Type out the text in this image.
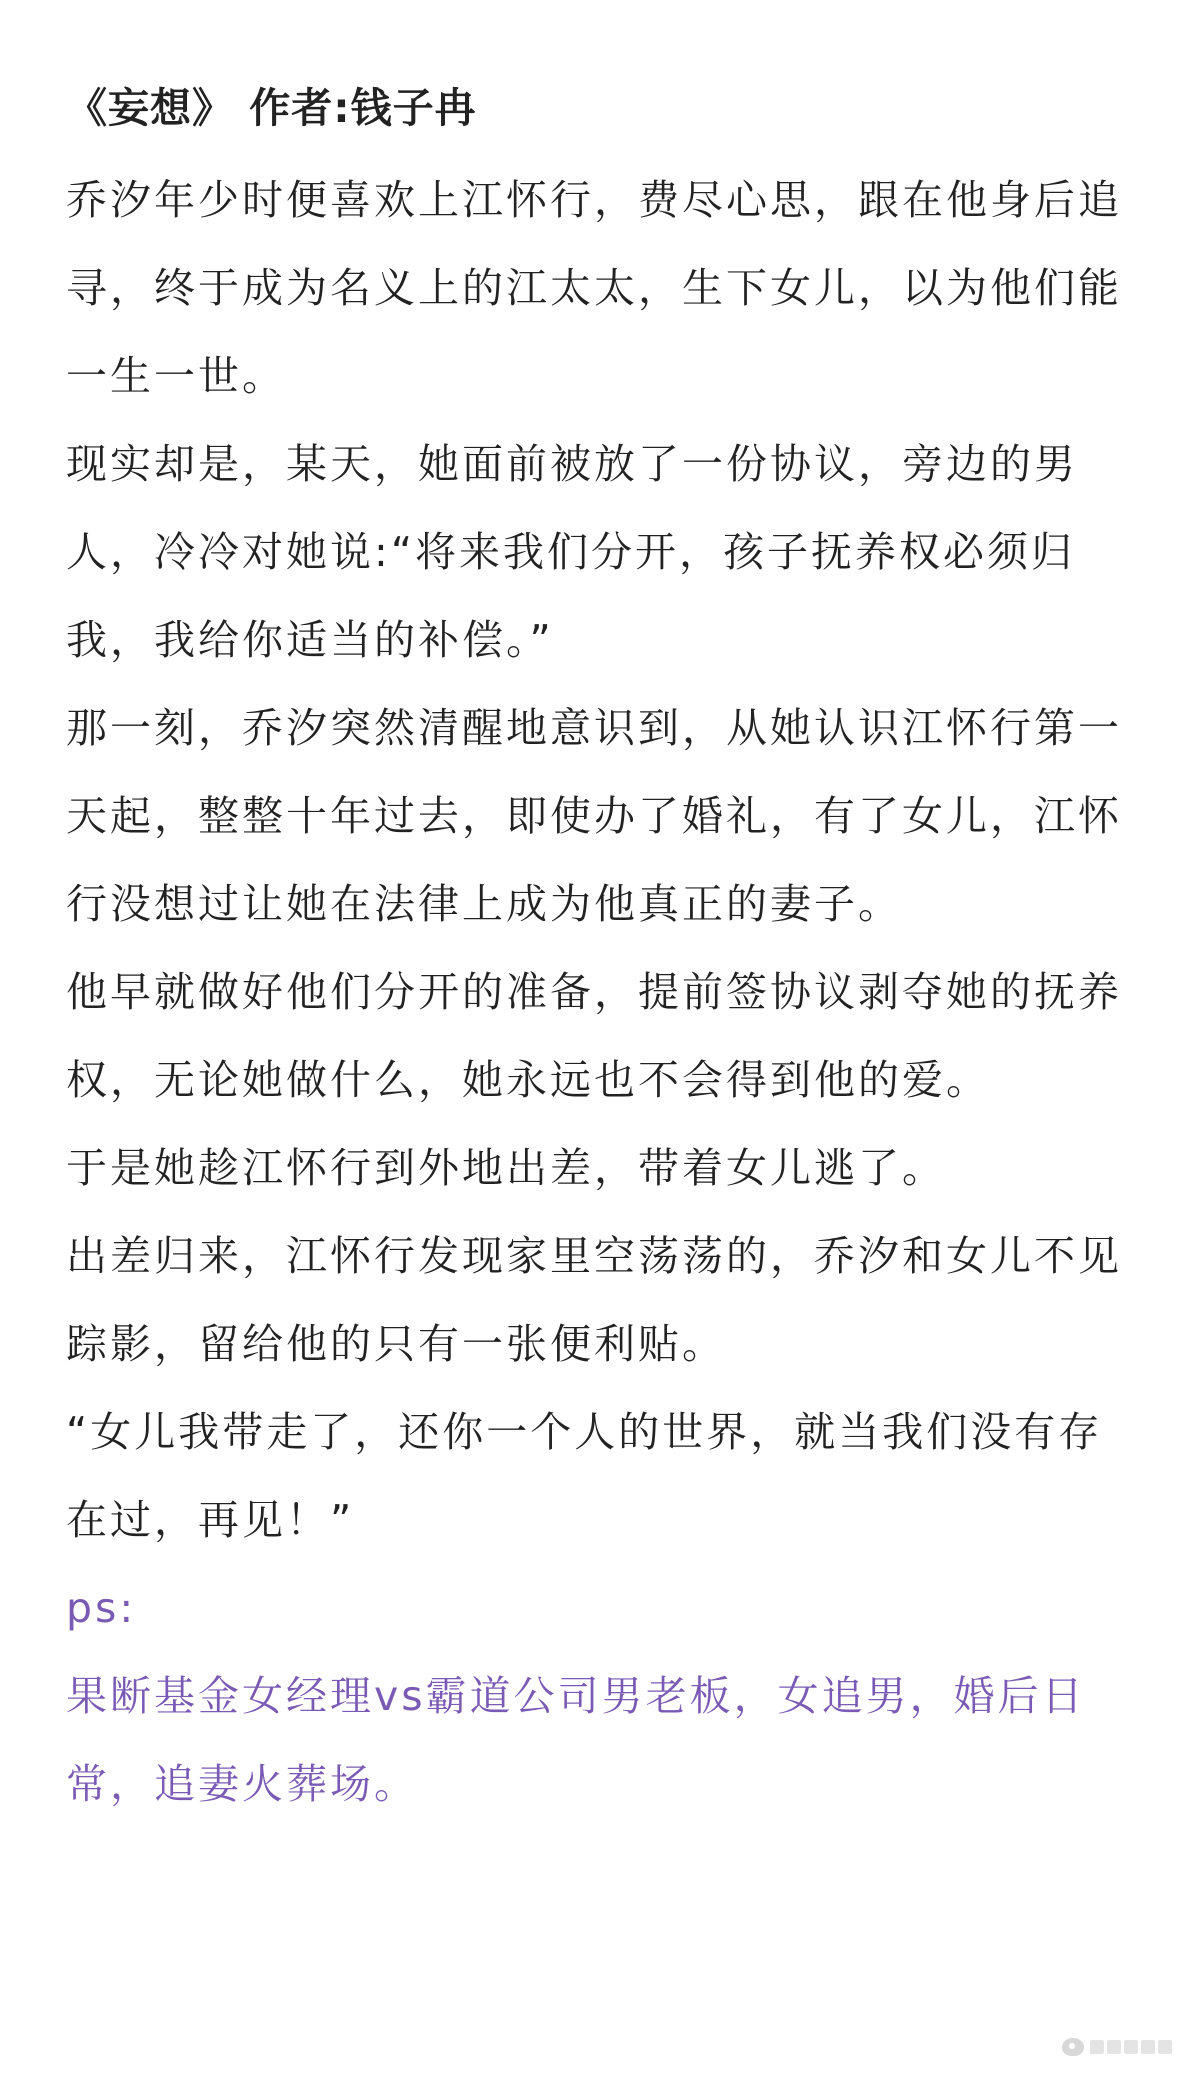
《妄想》 作者:钱子冉
乔汐年少时便喜欢上江怀行，费尽心思，跟在他身后追寻，终于成为名义上的江太太，生下女儿，以为他们能一生一世。
现实却是，某天，她面前被放了一份协议，旁边的男人，冷冷对她说:“将来我们分开，孩子抚养权必须归我，我给你适当的补偿。”
那一刻，乔汐突然清醒地意识到，从她认识江怀行第一天起，整整十年过去，即使办了婚礼，有了女儿，江怀行没想过让她在法律上成为他真正的妻子。
他早就做好他们分开的准备，提前签协议剥夺她的抚养权，无论她做什么，她永远也不会得到他的爱。
于是她趁江怀行到外地出差，带着女儿逃了。
出差归来，江怀行发现家里空荡荡的，乔汐和女儿不见踪影，留给他的只有一张便利贴。
“女儿我带走了，还你一个人的世界，就当我们没有存在过，再见！”
ps:
果断基金女经理vs霸道公司男老板，女追男，婚后日常，追妻火葬场。
